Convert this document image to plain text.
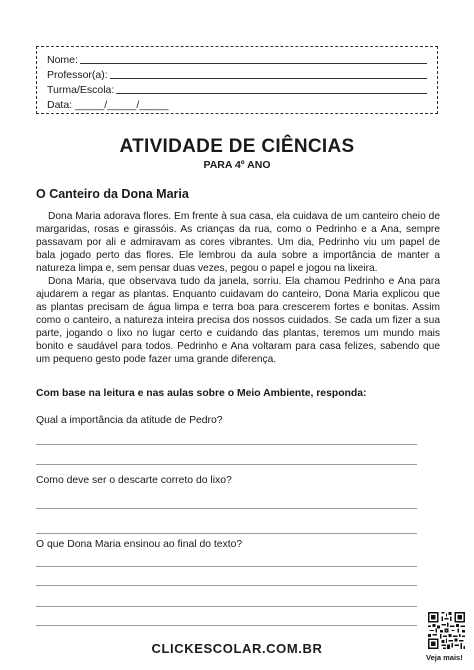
Nome:
Professor(a):
Turma/Escola:
Data: _____/_____/_____
ATIVIDADE DE CIÊNCIAS
PARA 4º ANO
O Canteiro da Dona Maria

Dona Maria adorava flores. Em frente à sua casa, ela cuidava de um canteiro cheio de margaridas, rosas e girassóis. As crianças da rua, como o Pedrinho e a Ana, sempre passavam por ali e admiravam as cores vibrantes. Um dia, Pedrinho viu um papel de bala jogado perto das flores. Ele lembrou da aula sobre a importância de manter a natureza limpa e, sem pensar duas vezes, pegou o papel e jogou na lixeira.

Dona Maria, que observava tudo da janela, sorriu. Ela chamou Pedrinho e Ana para ajudarem a regar as plantas. Enquanto cuidavam do canteiro, Dona Maria explicou que as plantas precisam de água limpa e terra boa para crescerem fortes e bonitas. Assim como o canteiro, a natureza inteira precisa dos nossos cuidados. Se cada um fizer a sua parte, jogando o lixo no lugar certo e cuidando das plantas, teremos um mundo mais bonito e saudável para todos. Pedrinho e Ana voltaram para casa felizes, sabendo que um pequeno gesto pode fazer uma grande diferença.

Com base na leitura e nas aulas sobre o Meio Ambiente, responda:
Qual a importância da atitude de Pedro?
Como deve ser o descarte correto do lixo?
O que Dona Maria ensinou ao final do texto?
CLICKESCOLAR.COM.BR
Veja mais!
